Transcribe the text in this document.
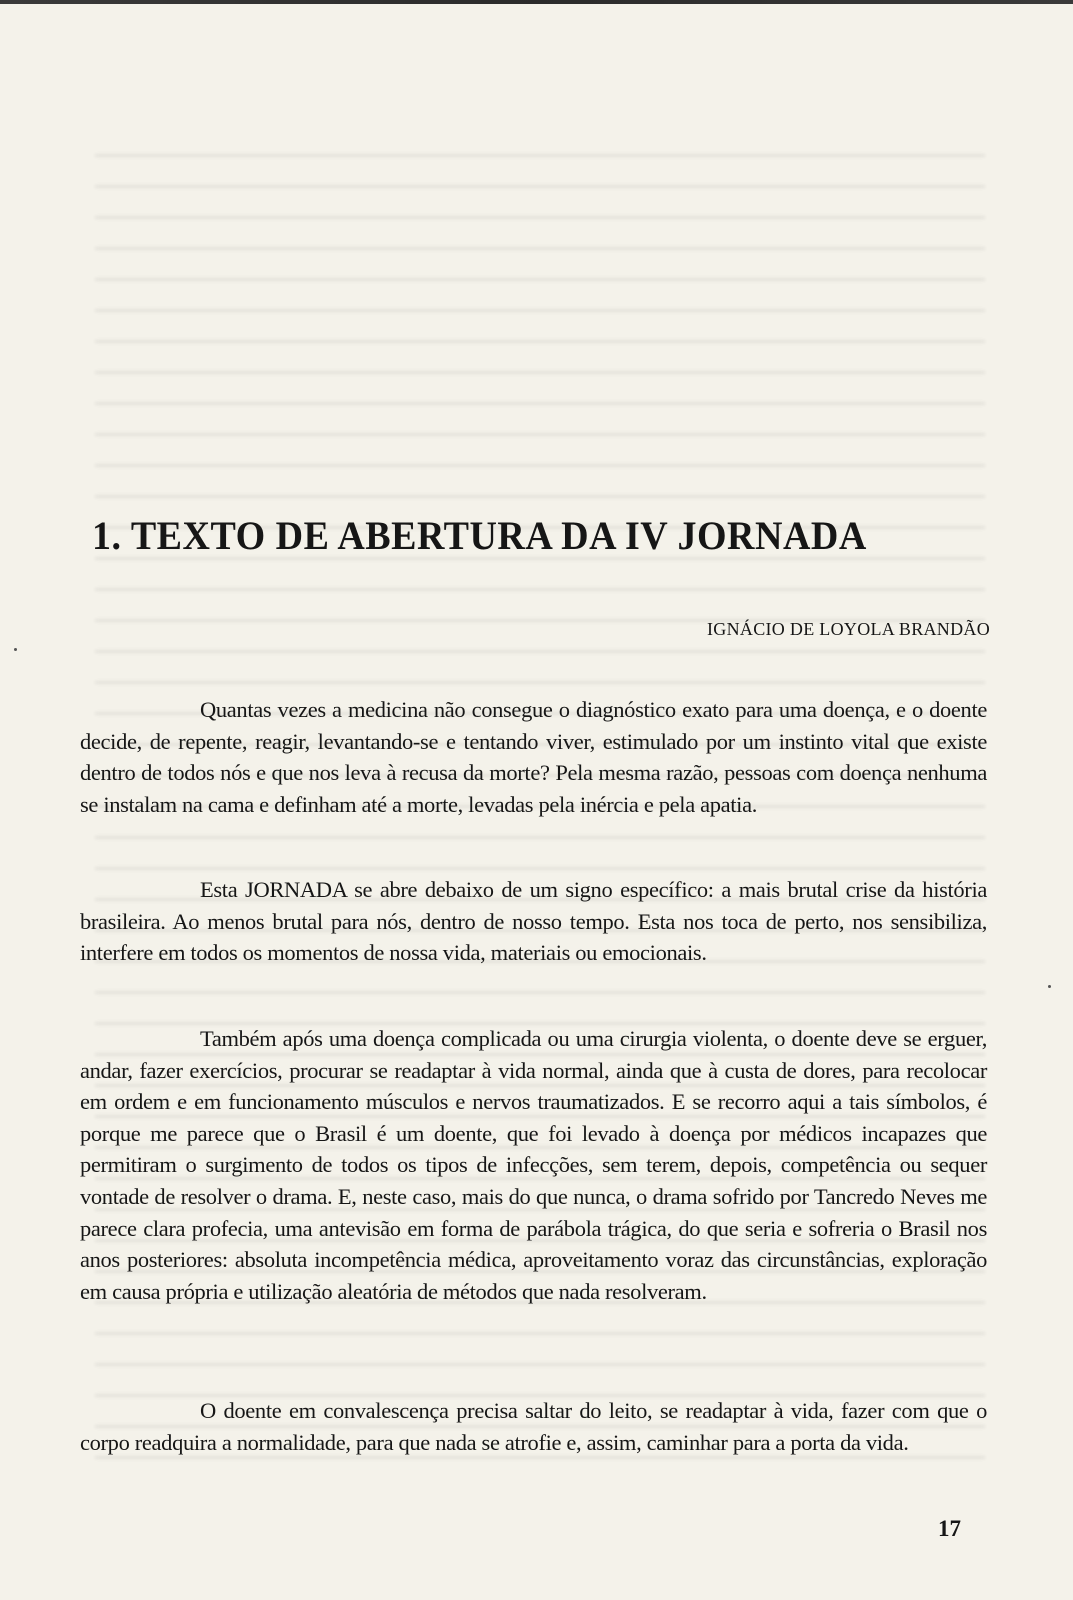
1. TEXTO DE ABERTURA DA IV JORNADA

IGNÁCIO DE LOYOLA BRANDÃO

Quantas vezes a medicina não consegue o diagnóstico exato para uma doença, e o doente decide, de repente, reagir, levantando-se e tentando viver, estimulado por um instinto vital que existe dentro de todos nós e que nos leva à recusa da morte? Pela mesma razão, pessoas com doença nenhuma se instalam na cama e definham até a morte, levadas pela inércia e pela apatia.

Esta JORNADA se abre debaixo de um signo específico: a mais brutal crise da história brasileira. Ao menos brutal para nós, dentro de nosso tempo. Esta nos toca de perto, nos sensibiliza, interfere em todos os momentos de nossa vida, materiais ou emocionais.

Também após uma doença complicada ou uma cirurgia violenta, o doente deve se erguer, andar, fazer exercícios, procurar se readaptar à vida normal, ainda que à custa de dores, para recolocar em ordem e em funcionamento músculos e nervos traumatizados. E se recorro aqui a tais símbolos, é porque me parece que o Brasil é um doente, que foi levado à doença por médicos incapazes que permitiram o surgimento de todos os tipos de infecções, sem terem, depois, competência ou sequer vontade de resolver o drama. E, neste caso, mais do que nunca, o drama sofrido por Tancredo Neves me parece clara profecia, uma antevisão em forma de parábola trágica, do que seria e sofreria o Brasil nos anos posteriores: absoluta incompetência médica, aproveitamento voraz das circunstâncias, exploração em causa própria e utilização aleatória de métodos que nada resolveram.

O doente em convalescença precisa saltar do leito, se readaptar à vida, fazer com que o corpo readquira a normalidade, para que nada se atrofie e, assim, caminhar para a porta da vida.

17
